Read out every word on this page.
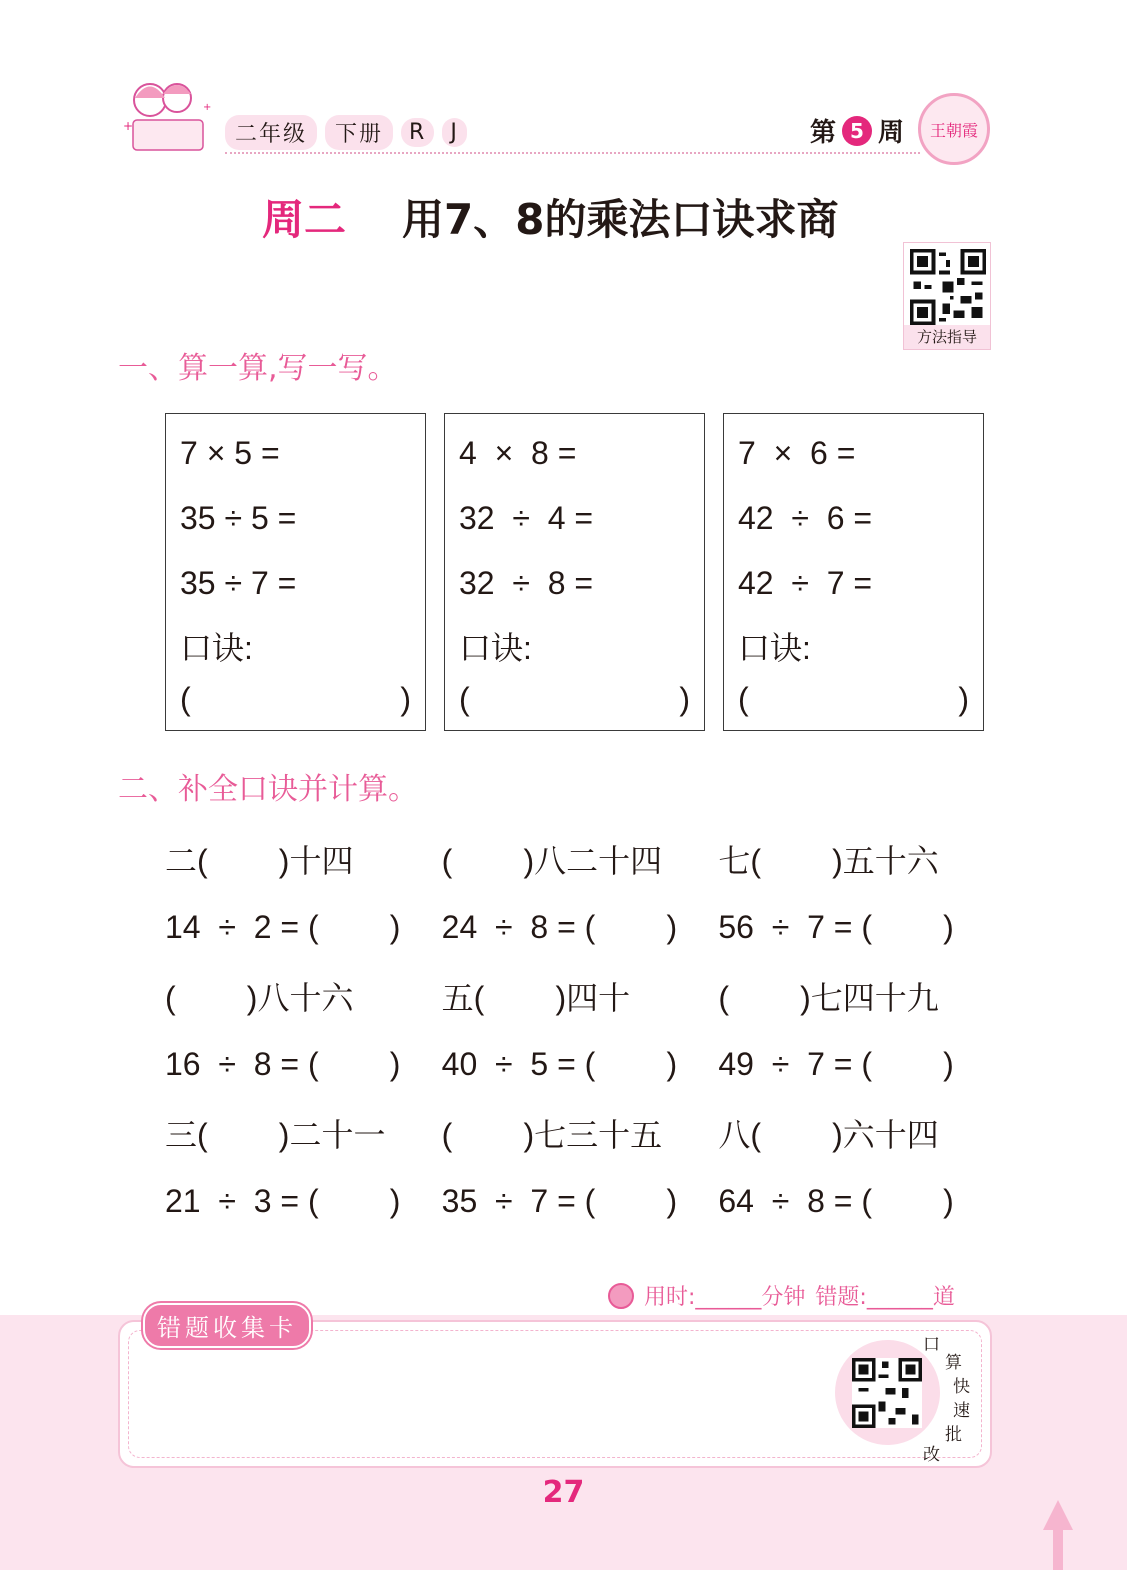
+
+
二年级	下册	R	J	第 5 周 王朝霞
周二 用7、8的乘法口诀求商
方法指导
一、算一算,写一写。
7 × 5 =
35 ÷ 5 =
35 ÷ 7 =
口诀:
(	)
4  ×  8 =
32  ÷  4 =
32  ÷  8 =
口诀:
(	)
7  ×  6 =
42  ÷  6 =
42  ÷  7 =
口诀:
(	)
二、补全口诀并计算。
二(        )十四	(        )八二十四	七(        )五十六
14  ÷  2 = (        )	24  ÷  8 = (        )	56  ÷  7 = (        )
(        )八十六	五(        )四十	(        )七四十九
16  ÷  8 = (        )	40  ÷  5 = (        )	49  ÷  7 = (        )
三(        )二十一	(        )七三十五	八(        )六十四
21  ÷  3 = (        )	35  ÷  7 = (        )	64  ÷  8 = (        )
用时:______分钟 错题:______道
错题收集卡
口
算
快
速
批
改
27
